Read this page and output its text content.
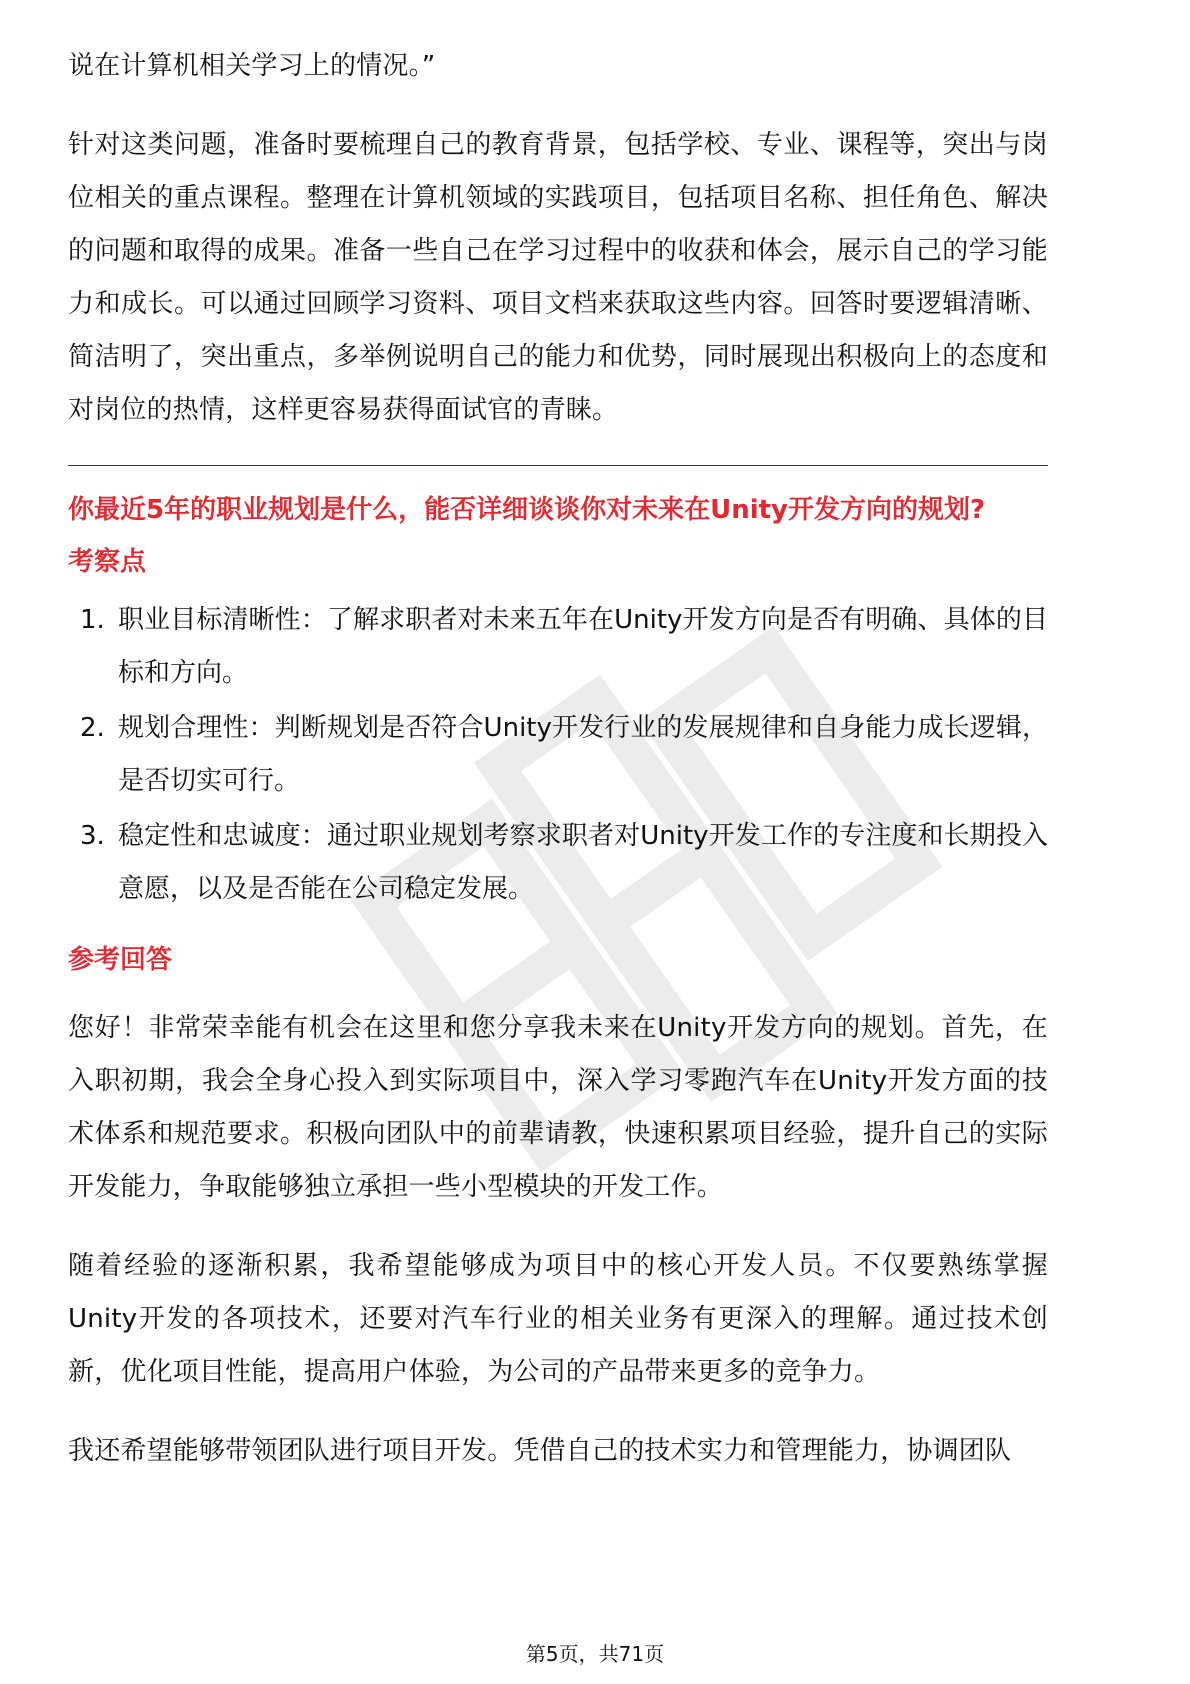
说在计算机相关学习上的情况。”

针对这类问题，准备时要梳理自己的教育背景，包括学校、专业、课程等，突出与岗位相关的重点课程。整理在计算机领域的实践项目，包括项目名称、担任角色、解决的问题和取得的成果。准备一些自己在学习过程中的收获和体会，展示自己的学习能力和成长。可以通过回顾学习资料、项目文档来获取这些内容。回答时要逻辑清晰、简洁明了，突出重点，多举例说明自己的能力和优势，同时展现出积极向上的态度和对岗位的热情，这样更容易获得面试官的青睐。

你最近5年的职业规划是什么，能否详细谈谈你对未来在Unity开发方向的规划?

考察点

1. 职业目标清晰性：了解求职者对未来五年在Unity开发方向是否有明确、具体的目标和方向。
2. 规划合理性：判断规划是否符合Unity开发行业的发展规律和自身能力成长逻辑，是否切实可行。
3. 稳定性和忠诚度：通过职业规划考察求职者对Unity开发工作的专注度和长期投入意愿，以及是否能在公司稳定发展。

参考回答

您好！非常荣幸能有机会在这里和您分享我未来在Unity开发方向的规划。首先，在入职初期，我会全身心投入到实际项目中，深入学习零跑汽车在Unity开发方面的技术体系和规范要求。积极向团队中的前辈请教，快速积累项目经验，提升自己的实际开发能力，争取能够独立承担一些小型模块的开发工作。

随着经验的逐渐积累，我希望能够成为项目中的核心开发人员。不仅要熟练掌握Unity开发的各项技术，还要对汽车行业的相关业务有更深入的理解。通过技术创新，优化项目性能，提高用户体验，为公司的产品带来更多的竞争力。

我还希望能够带领团队进行项目开发。凭借自己的技术实力和管理能力，协调团队

第5页，共71页
